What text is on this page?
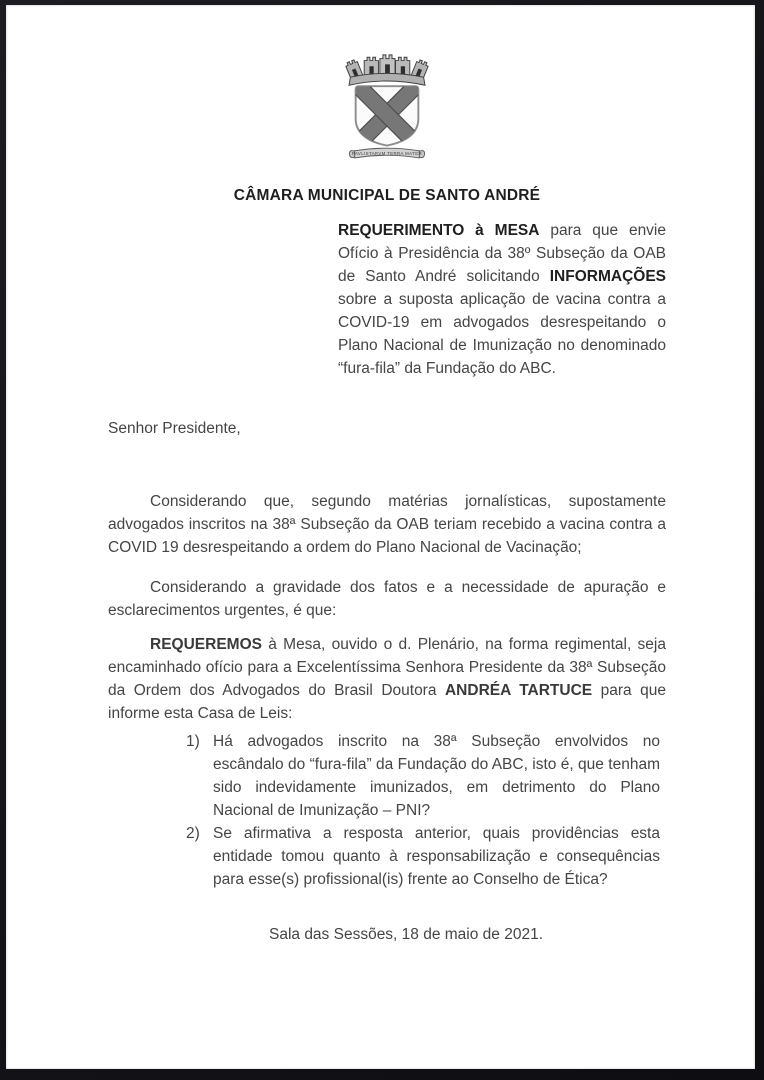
PAVLISTARVM TERRA MATER
CÂMARA MUNICIPAL DE SANTO ANDRÉ

REQUERIMENTO à MESA para que envie Ofício à Presidência da 38º Subseção da OAB de Santo André solicitando INFORMAÇÕES sobre a suposta aplicação de vacina contra a COVID-19 em advogados desrespeitando o Plano Nacional de Imunização no denominado “fura-fila” da Fundação do ABC.

Senhor Presidente,

Considerando que, segundo matérias jornalísticas, supostamente advogados inscritos na 38ª Subseção da OAB teriam recebido a vacina contra a COVID 19 desrespeitando a ordem do Plano Nacional de Vacinação;

Considerando a gravidade dos fatos e a necessidade de apuração e esclarecimentos urgentes, é que:

REQUEREMOS à Mesa, ouvido o d. Plenário, na forma regimental, seja encaminhado ofício para a Excelentíssima Senhora Presidente da 38ª Subseção da Ordem dos Advogados do Brasil Doutora ANDRÉA TARTUCE para que informe esta Casa de Leis:

1) Há advogados inscrito na 38ª Subseção envolvidos no escândalo do “fura-fila” da Fundação do ABC, isto é, que tenham sido indevidamente imunizados, em detrimento do Plano Nacional de Imunização – PNI?
2) Se afirmativa a resposta anterior, quais providências esta entidade tomou quanto à responsabilização e consequências para esse(s) profissional(is) frente ao Conselho de Ética?

Sala das Sessões, 18 de maio de 2021.
